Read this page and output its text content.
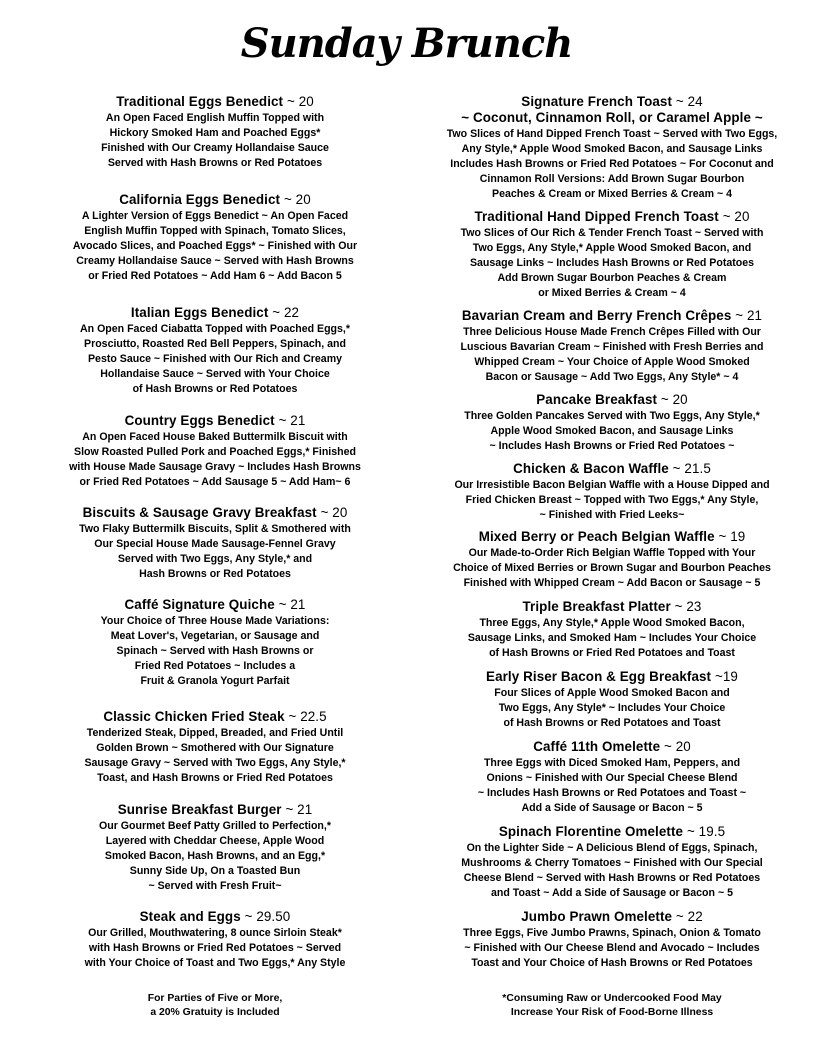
Sunday Brunch
Traditional Eggs Benedict ~ 20

An Open Faced English Muffin Topped with
Hickory Smoked Ham and Poached Eggs*
Finished with Our Creamy Hollandaise Sauce
Served with Hash Browns or Red Potatoes

California Eggs Benedict ~ 20

A Lighter Version of Eggs Benedict ~ An Open Faced
English Muffin Topped with Spinach, Tomato Slices,
Avocado Slices, and Poached Eggs* ~ Finished with Our
Creamy Hollandaise Sauce ~ Served with Hash Browns
or Fried Red Potatoes ~ Add Ham 6 ~ Add Bacon 5

Italian Eggs Benedict ~ 22

An Open Faced Ciabatta Topped with Poached Eggs,*
Prosciutto, Roasted Red Bell Peppers, Spinach, and
Pesto Sauce ~ Finished with Our Rich and Creamy
Hollandaise Sauce ~ Served with Your Choice
of Hash Browns or Red Potatoes

Country Eggs Benedict ~ 21

An Open Faced House Baked Buttermilk Biscuit with
Slow Roasted Pulled Pork and Poached Eggs,* Finished
with House Made Sausage Gravy ~ Includes Hash Browns
or Fried Red Potatoes ~ Add Sausage 5 ~ Add Ham~ 6

Biscuits & Sausage Gravy Breakfast ~ 20

Two Flaky Buttermilk Biscuits, Split & Smothered with
Our Special House Made Sausage-Fennel Gravy
Served with Two Eggs, Any Style,* and
Hash Browns or Red Potatoes

Caffé Signature Quiche ~ 21

Your Choice of Three House Made Variations:
Meat Lover's, Vegetarian, or Sausage and
Spinach ~ Served with Hash Browns or
Fried Red Potatoes ~ Includes a
Fruit & Granola Yogurt Parfait

Classic Chicken Fried Steak ~ 22.5

Tenderized Steak, Dipped, Breaded, and Fried Until
Golden Brown ~ Smothered with Our Signature
Sausage Gravy ~ Served with Two Eggs, Any Style,*
Toast, and Hash Browns or Fried Red Potatoes

Sunrise Breakfast Burger ~ 21

Our Gourmet Beef Patty Grilled to Perfection,*
Layered with Cheddar Cheese, Apple Wood
Smoked Bacon, Hash Browns, and an Egg,*
Sunny Side Up, On a Toasted Bun
~ Served with Fresh Fruit~

Steak and Eggs ~ 29.50

Our Grilled, Mouthwatering, 8 ounce Sirloin Steak*
with Hash Browns or Fried Red Potatoes ~ Served
with Your Choice of Toast and Two Eggs,* Any Style

Signature French Toast ~ 24
~ Coconut, Cinnamon Roll, or Caramel Apple ~

Two Slices of Hand Dipped French Toast ~ Served with Two Eggs,
Any Style,* Apple Wood Smoked Bacon, and Sausage Links
Includes Hash Browns or Fried Red Potatoes ~ For Coconut and
Cinnamon Roll Versions: Add Brown Sugar Bourbon
Peaches & Cream or Mixed Berries & Cream ~ 4

Traditional Hand Dipped French Toast ~ 20

Two Slices of Our Rich & Tender French Toast ~ Served with
Two Eggs, Any Style,* Apple Wood Smoked Bacon, and
Sausage Links ~ Includes Hash Browns or Red Potatoes
Add Brown Sugar Bourbon Peaches & Cream
or Mixed Berries & Cream ~ 4

Bavarian Cream and Berry French Crêpes ~ 21

Three Delicious House Made French Crêpes Filled with Our
Luscious Bavarian Cream ~ Finished with Fresh Berries and
Whipped Cream ~ Your Choice of Apple Wood Smoked
Bacon or Sausage ~ Add Two Eggs, Any Style* ~ 4

Pancake Breakfast ~ 20

Three Golden Pancakes Served with Two Eggs, Any Style,*
Apple Wood Smoked Bacon, and Sausage Links
~ Includes Hash Browns or Fried Red Potatoes ~

Chicken & Bacon Waffle ~ 21.5

Our Irresistible Bacon Belgian Waffle with a House Dipped and
Fried Chicken Breast ~ Topped with Two Eggs,* Any Style,
~ Finished with Fried Leeks~

Mixed Berry or Peach Belgian Waffle ~ 19

Our Made-to-Order Rich Belgian Waffle Topped with Your
Choice of Mixed Berries or Brown Sugar and Bourbon Peaches
Finished with Whipped Cream ~ Add Bacon or Sausage ~ 5

Triple Breakfast Platter ~ 23

Three Eggs, Any Style,* Apple Wood Smoked Bacon,
Sausage Links, and Smoked Ham ~ Includes Your Choice
of Hash Browns or Fried Red Potatoes and Toast

Early Riser Bacon & Egg Breakfast ~19

Four Slices of Apple Wood Smoked Bacon and
Two Eggs, Any Style* ~ Includes Your Choice
of Hash Browns or Red Potatoes and Toast

Caffé 11th Omelette ~ 20

Three Eggs with Diced Smoked Ham, Peppers, and
Onions ~ Finished with Our Special Cheese Blend
~ Includes Hash Browns or Red Potatoes and Toast ~
Add a Side of Sausage or Bacon ~ 5

Spinach Florentine Omelette ~ 19.5

On the Lighter Side ~ A Delicious Blend of Eggs, Spinach,
Mushrooms & Cherry Tomatoes ~ Finished with Our Special
Cheese Blend ~ Served with Hash Browns or Red Potatoes
and Toast ~ Add a Side of Sausage or Bacon ~ 5

Jumbo Prawn Omelette ~ 22

Three Eggs, Five Jumbo Prawns, Spinach, Onion & Tomato
~ Finished with Our Cheese Blend and Avocado ~ Includes
Toast and Your Choice of Hash Browns or Red Potatoes

For Parties of Five or More,
a 20% Gratuity is Included
*Consuming Raw or Undercooked Food May
Increase Your Risk of Food-Borne Illness
